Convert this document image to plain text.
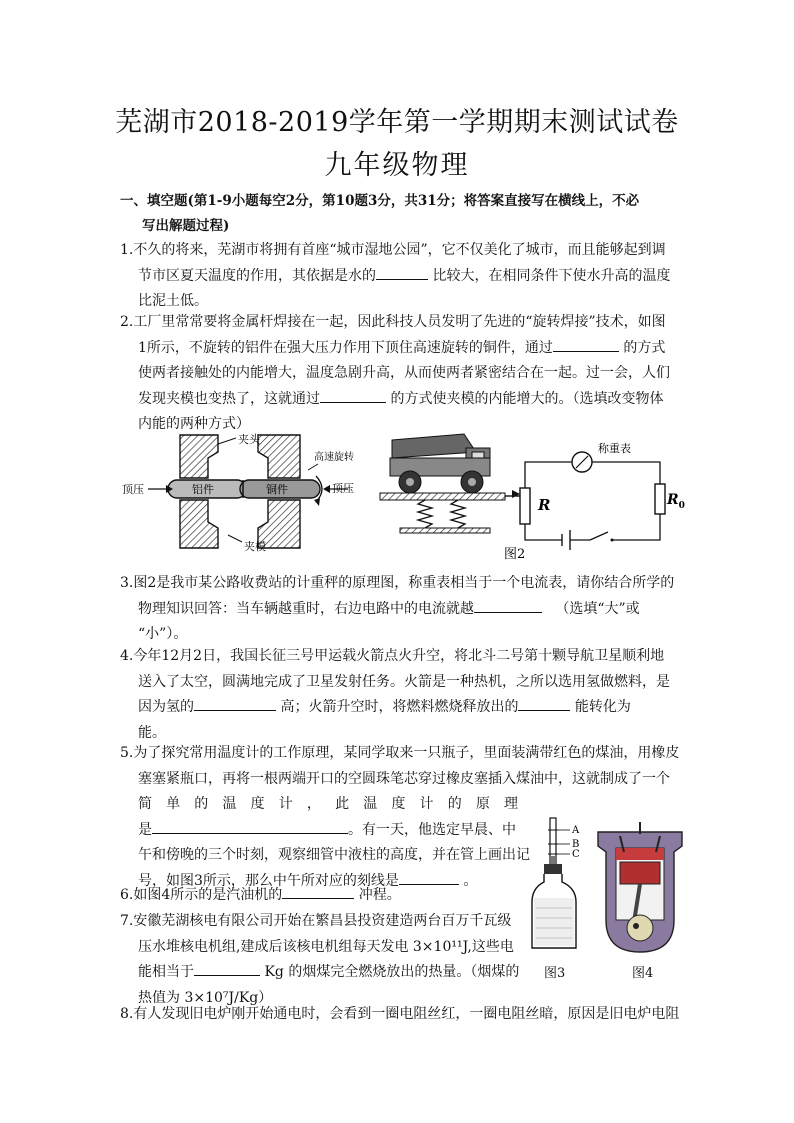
芜湖市2018-2019学年第一学期期末测试试卷
九年级物理
一、填空题(第1-9小题每空2分，第10题3分，共31分；将答案直接写在横线上，不必
写出解题过程)
1.不久的将来，芜湖市将拥有首座“城市湿地公园”，它不仅美化了城市，而且能够起到调
节市区夏天温度的作用，其依据是水的	比较大，在相同条件下使水升高的温度
比泥土低。
2.工厂里常常要将金属杆焊接在一起，因此科技人员发明了先进的“旋转焊接”技术，如图
1所示，不旋转的铝件在强大压力作用下顶住高速旋转的铜件，通过	的方式
使两者接触处的内能增大，温度急剧升高，从而使两者紧密结合在一起。过一会，人们
发现夹模也变热了，这就通过	的方式使夹模的内能增大的。（选填改变物体
内能的两种方式）
夹头
顶压	铝件	铜件
高速旋转
顶压
夹模
R
称重表
$R_0$
图2
3.图2是我市某公路收费站的计重秤的原理图，称重表相当于一个电流表，请你结合所学的
物理知识回答：当车辆越重时，右边电路中的电流就越	（选填“大”或
“小”）。
4.今年12月2日，我国长征三号甲运载火箭点火升空，将北斗二号第十颗导航卫星顺利地
送入了太空，圆满地完成了卫星发射任务。火箭是一种热机，之所以选用氢做燃料，是
因为氢的	高；火箭升空时，将燃料燃烧释放出的	能转化为
能。
5.为了探究常用温度计的工作原理，某同学取来一只瓶子，里面装满带红色的煤油，用橡皮
塞塞紧瓶口，再将一根两端开口的空圆珠笔芯穿过橡皮塞插入煤油中，这就制成了一个
简单的温度计，此温度计的原理
是	。有一天，他选定早晨、中
午和傍晚的三个时刻，观察细管中液柱的高度，并在管上画出记
号，如图3所示，那么中午所对应的刻线是	。
6.如图4所示的是汽油机的	冲程。
7.安徽芜湖核电有限公司开始在繁昌县投资建造两台百万千瓦级
压水堆核电机组,建成后该核电机组每天发电 3×10¹¹J,这些电
能相当于	Kg 的烟煤完全燃烧放出的热量。（烟煤的
热值为 3×10⁷J/Kg）
A
B
C
图3	图4
8.有人发现旧电炉刚开始通电时，会看到一圈电阻丝红，一圈电阻丝暗，原因是旧电炉电阻
